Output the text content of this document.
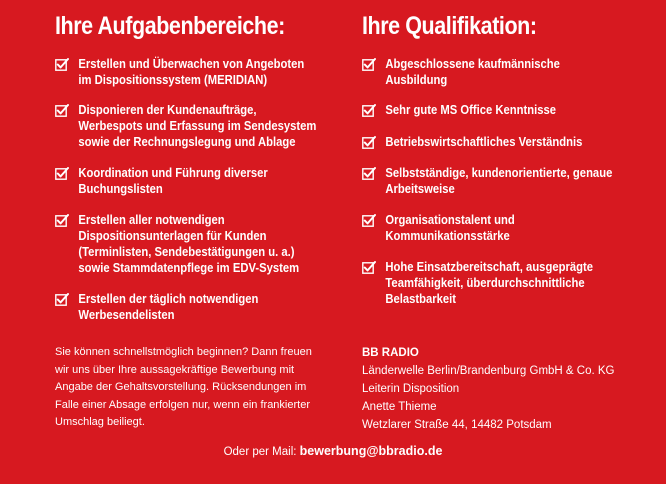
Ihre Aufgabenbereiche:
Erstellen und Überwachen von Angeboten
im Dispositionssystem (MERIDIAN)
Disponieren der Kundenaufträge,
Werbespots und Erfassung im Sendesystem
sowie der Rechnungslegung und Ablage
Koordination und Führung diverser
Buchungslisten
Erstellen aller notwendigen
Dispositionsunterlagen für Kunden
(Terminlisten, Sendebestätigungen u. a.)
sowie Stammdatenpflege im EDV-System
Erstellen der täglich notwendigen
Werbesendelisten
Ihre Qualifikation:
Abgeschlossene kaufmännische
Ausbildung
Sehr gute MS Office Kenntnisse
Betriebswirtschaftliches Verständnis
Selbstständige, kundenorientierte, genaue
Arbeitsweise
Organisationstalent und
Kommunikationsstärke
Hohe Einsatzbereitschaft, ausgeprägte
Teamfähigkeit, überdurchschnittliche
Belastbarkeit
Sie können schnellstmöglich beginnen? Dann freuen
wir uns über Ihre aussagekräftige Bewerbung mit
Angabe der Gehaltsvorstellung. Rücksendungen im
Falle einer Absage erfolgen nur, wenn ein frankierter
Umschlag beiliegt.
BB RADIO
Länderwelle Berlin/Brandenburg GmbH & Co. KG
Leiterin Disposition
Anette Thieme
Wetzlarer Straße 44, 14482 Potsdam
Oder per Mail: bewerbung@bbradio.de
